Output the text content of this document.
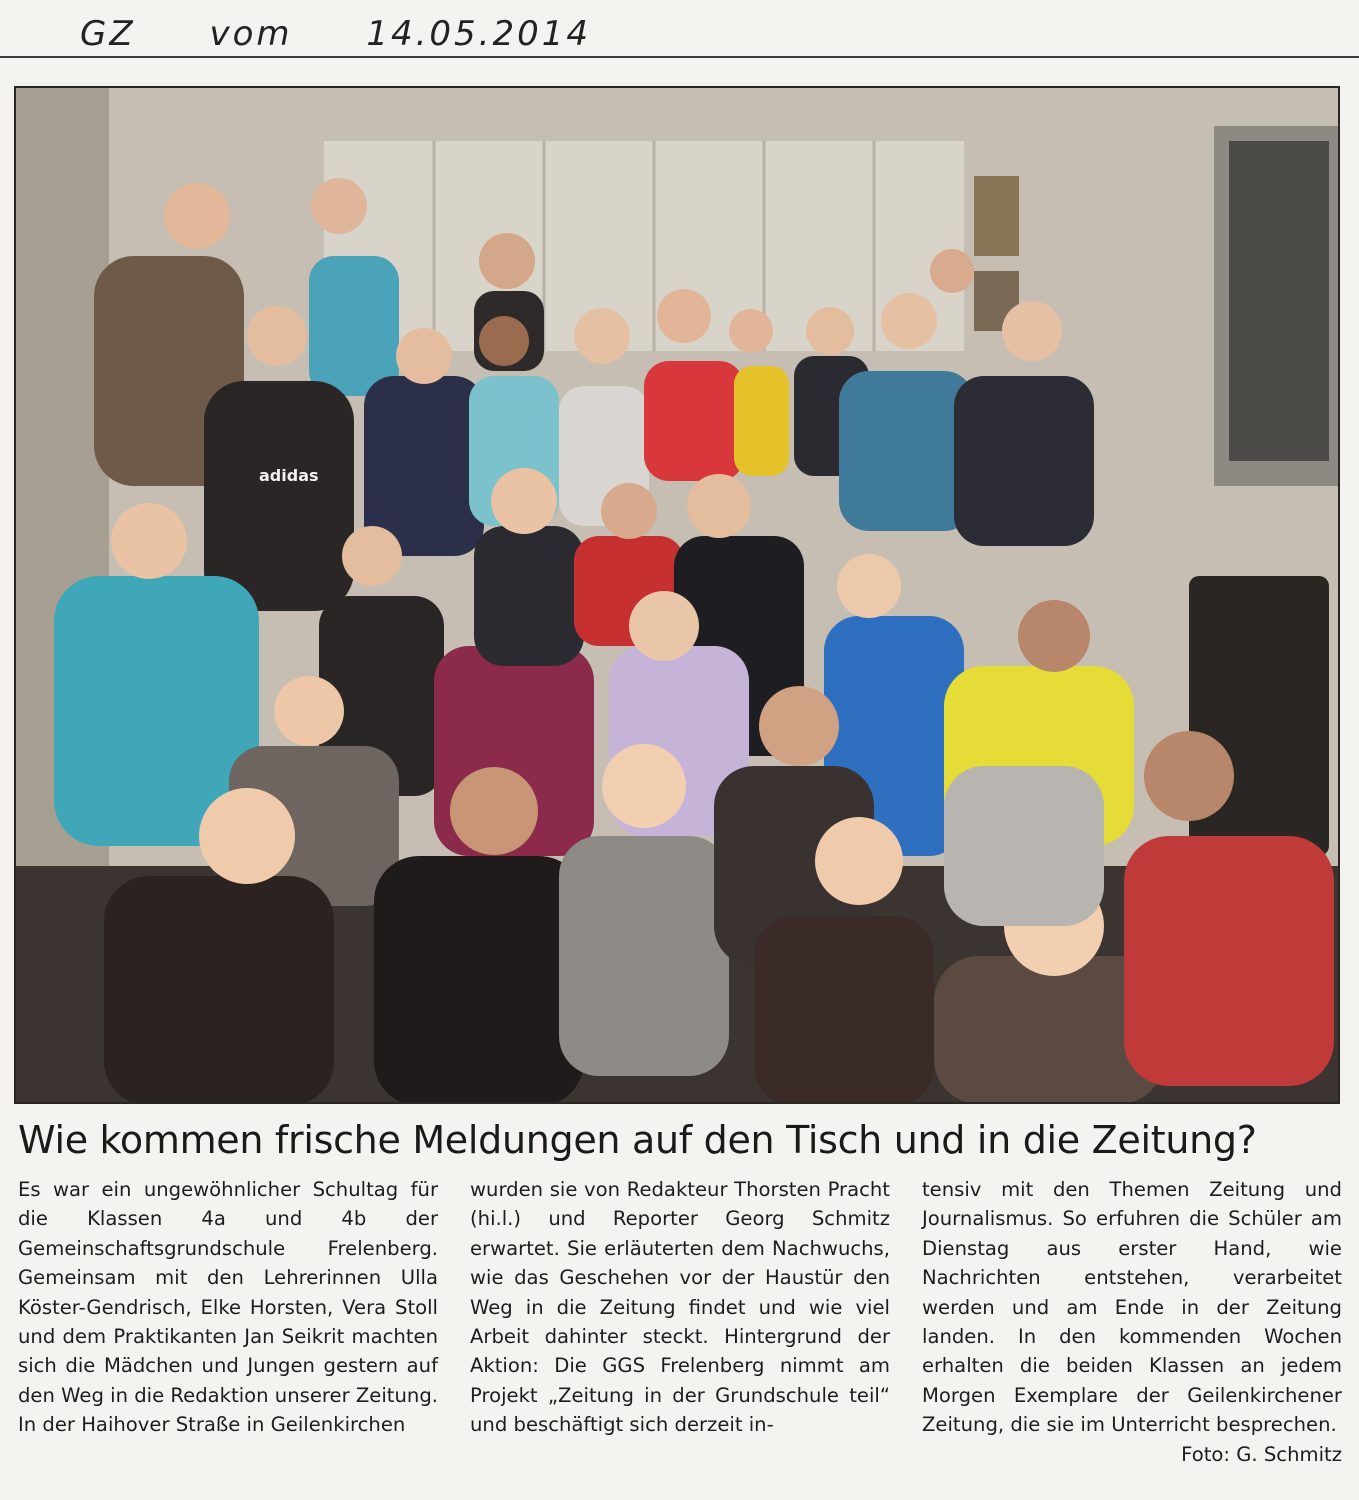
GZ vom 14.05.2014
adidas
Wie kommen frische Meldungen auf den Tisch und in die Zeitung?

Es war ein ungewöhnlicher Schultag für die Klassen 4a und 4b der Gemeinschaftsgrundschule Frelenberg. Gemeinsam mit den Lehrerinnen Ulla Köster-Gendrisch, Elke Horsten, Vera Stoll und dem Praktikanten Jan Seikrit machten sich die Mädchen und Jungen gestern auf den Weg in die Redaktion unserer Zeitung. In der Haihover Straße in Geilenkirchen

wurden sie von Redakteur Thorsten Pracht (hi.l.) und Reporter Georg Schmitz erwartet. Sie erläuterten dem Nachwuchs, wie das Geschehen vor der Haustür den Weg in die Zeitung findet und wie viel Arbeit dahinter steckt. Hintergrund der Aktion: Die GGS Frelenberg nimmt am Projekt „Zeitung in der Grundschule teil“ und beschäftigt sich derzeit in-

tensiv mit den Themen Zeitung und Journalismus. So erfuhren die Schüler am Dienstag aus erster Hand, wie Nachrichten entstehen, verarbeitet werden und am Ende in der Zeitung landen. In den kommenden Wochen erhalten die beiden Klassen an jedem Morgen Exemplare der Geilenkirchener Zeitung, die sie im Unterricht besprechen.
Foto: G. Schmitz
